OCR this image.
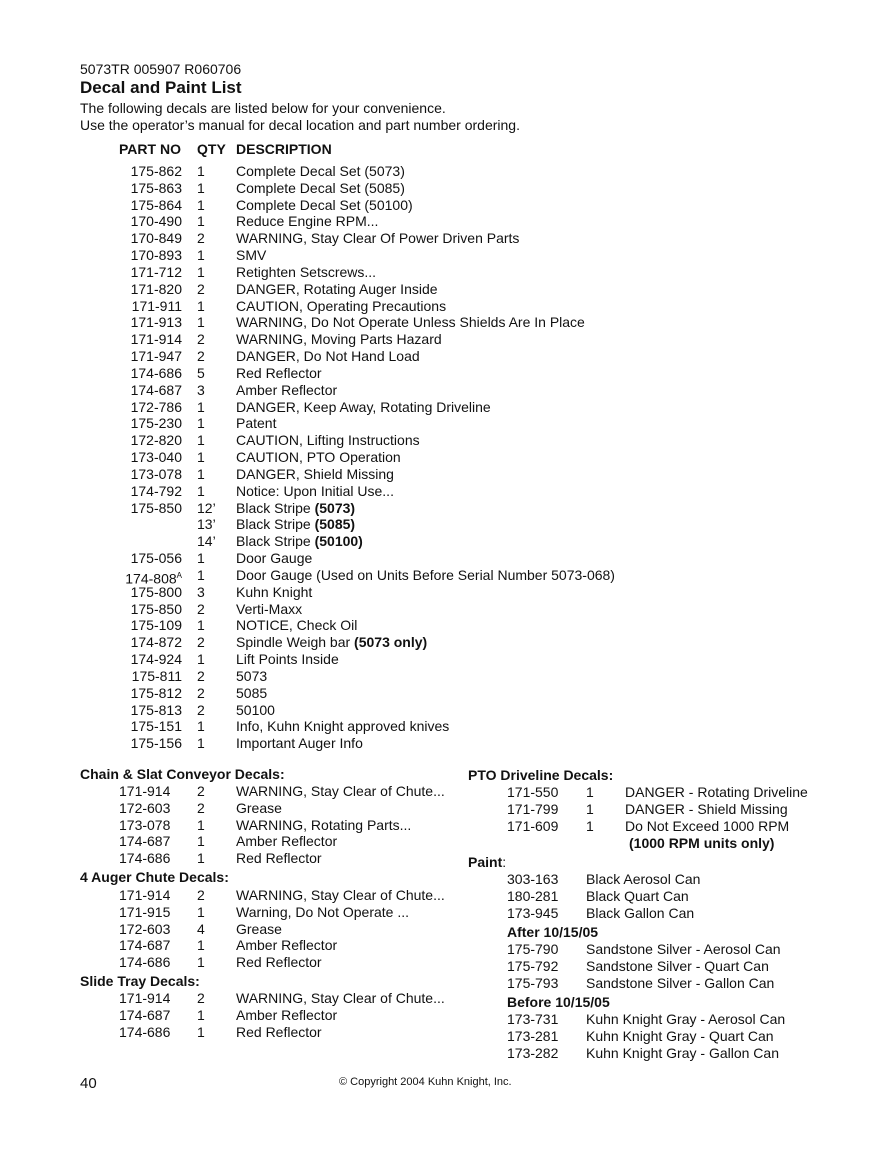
5073TR 005907 R060706
Decal and Paint List
The following decals are listed below for your convenience.
Use the operator’s manual for decal location and part number ordering.
PART NO QTY DESCRIPTION
175-862 1 Complete Decal Set (5073)
175-863 1 Complete Decal Set (5085)
175-864 1 Complete Decal Set (50100)
170-490 1 Reduce Engine RPM...
170-849 2 WARNING, Stay Clear Of Power Driven Parts
170-893 1 SMV
171-712 1 Retighten Setscrews...
171-820 2 DANGER, Rotating Auger Inside
171-911 1 CAUTION, Operating Precautions
171-913 1 WARNING, Do Not Operate Unless Shields Are In Place
171-914 2 WARNING, Moving Parts Hazard
171-947 2 DANGER, Do Not Hand Load
174-686 5 Red Reflector
174-687 3 Amber Reflector
172-786 1 DANGER, Keep Away, Rotating Driveline
175-230 1 Patent
172-820 1 CAUTION, Lifting Instructions
173-040 1 CAUTION, PTO Operation
173-078 1 DANGER, Shield Missing
174-792 1 Notice: Upon Initial Use...
175-850 12’ Black Stripe (5073)
13’ Black Stripe (5085)
14’ Black Stripe (50100)
175-056 1 Door Gauge
$174-808^A$ 1 Door Gauge (Used on Units Before Serial Number 5073-068)
175-800 3 Kuhn Knight
175-850 2 Verti-Maxx
175-109 1 NOTICE, Check Oil
174-872 2 Spindle Weigh bar (5073 only)
174-924 1 Lift Points Inside
175-811 2 5073
175-812 2 5085
175-813 2 50100
175-151 1 Info, Kuhn Knight approved knives
175-156 1 Important Auger Info
Chain & Slat Conveyor Decals:
171-914 2 WARNING, Stay Clear of Chute...
172-603 2 Grease
173-078 1 WARNING, Rotating Parts...
174-687 1 Amber Reflector
174-686 1 Red Reflector
4 Auger Chute Decals:
171-914 2 WARNING, Stay Clear of Chute...
171-915 1 Warning, Do Not Operate ...
172-603 4 Grease
174-687 1 Amber Reflector
174-686 1 Red Reflector
Slide Tray Decals:
171-914 2 WARNING, Stay Clear of Chute...
174-687 1 Amber Reflector
174-686 1 Red Reflector
PTO Driveline Decals:
171-550 1 DANGER - Rotating Driveline
171-799 1 DANGER - Shield Missing
171-609 1 Do Not Exceed 1000 RPM
(1000 RPM units only)
Paint:
303-163 Black Aerosol Can
180-281 Black Quart Can
173-945 Black Gallon Can
After 10/15/05
175-790 Sandstone Silver - Aerosol Can
175-792 Sandstone Silver - Quart Can
175-793 Sandstone Silver - Gallon Can
Before 10/15/05
173-731 Kuhn Knight Gray - Aerosol Can
173-281 Kuhn Knight Gray - Quart Can
173-282 Kuhn Knight Gray - Gallon Can
40	© Copyright 2004 Kuhn Knight, Inc.
